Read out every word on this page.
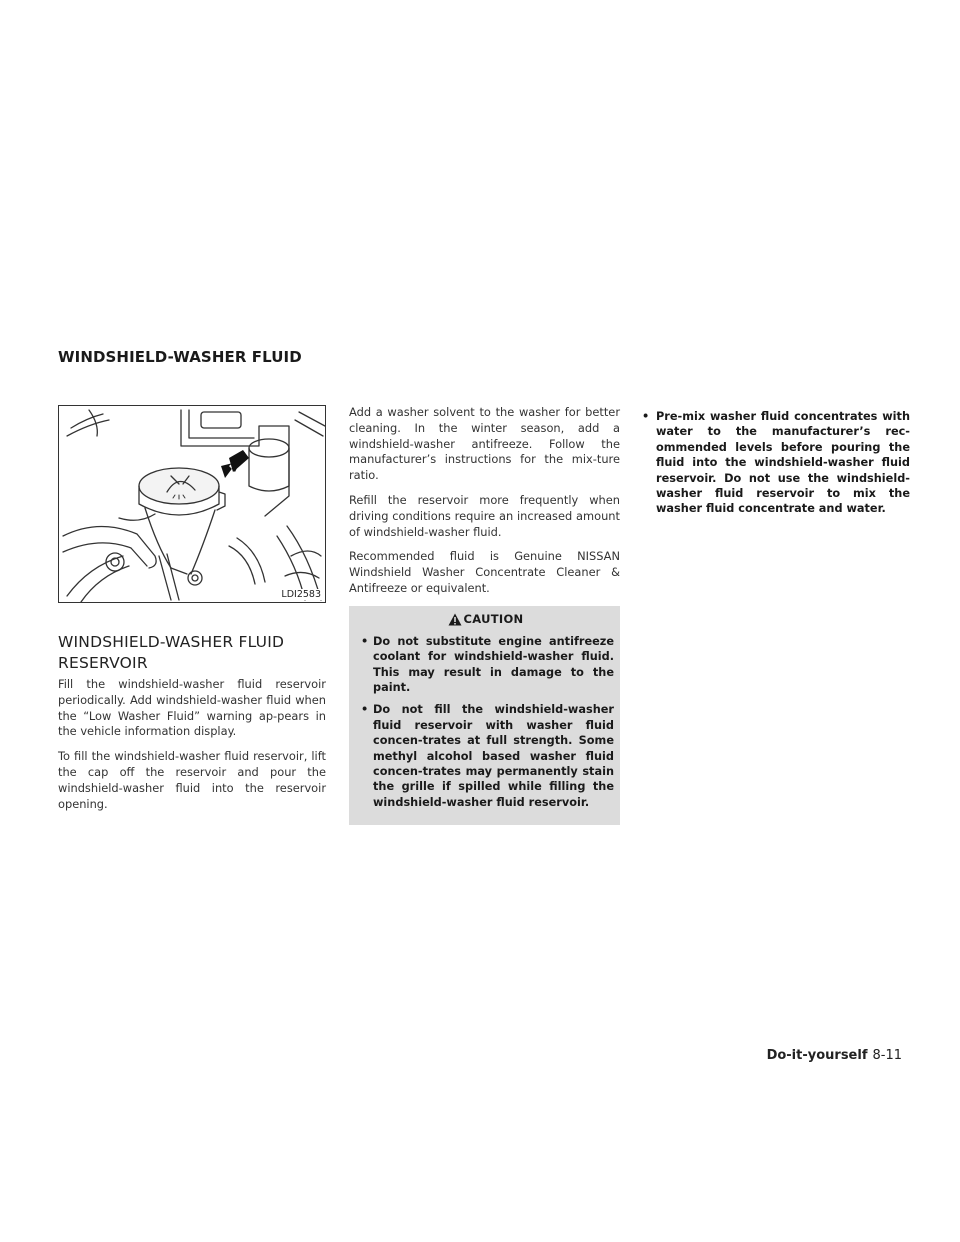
WINDSHIELD-WASHER FLUID
LDI2583
WINDSHIELD-WASHER FLUID RESERVOIR

Fill the windshield-washer fluid reservoir periodically. Add windshield-washer fluid when the “Low Washer Fluid” warning ap-pears in the vehicle information display.

To fill the windshield-washer fluid reservoir, lift the cap off the reservoir and pour the windshield-washer fluid into the reservoir opening.

Add a washer solvent to the washer for better cleaning. In the winter season, add a windshield-washer antifreeze. Follow the manufacturer’s instructions for the mix-ture ratio.

Refill the reservoir more frequently when driving conditions require an increased amount of windshield-washer fluid.

Recommended fluid is Genuine NISSAN Windshield Washer Concentrate Cleaner & Antifreeze or equivalent.

CAUTION
• Do not substitute engine antifreeze coolant for windshield-washer fluid. This may result in damage to the paint.
• Do not fill the windshield-washer fluid reservoir with washer fluid concen-trates at full strength. Some methyl alcohol based washer fluid concen-trates may permanently stain the grille if spilled while filling the windshield-washer fluid reservoir.
• Pre-mix washer fluid concentrates with water to the manufacturer’s rec-ommended levels before pouring the fluid into the windshield-washer fluid reservoir. Do not use the windshield-washer fluid reservoir to mix the washer fluid concentrate and water.
Do-it-yourself 8-11
